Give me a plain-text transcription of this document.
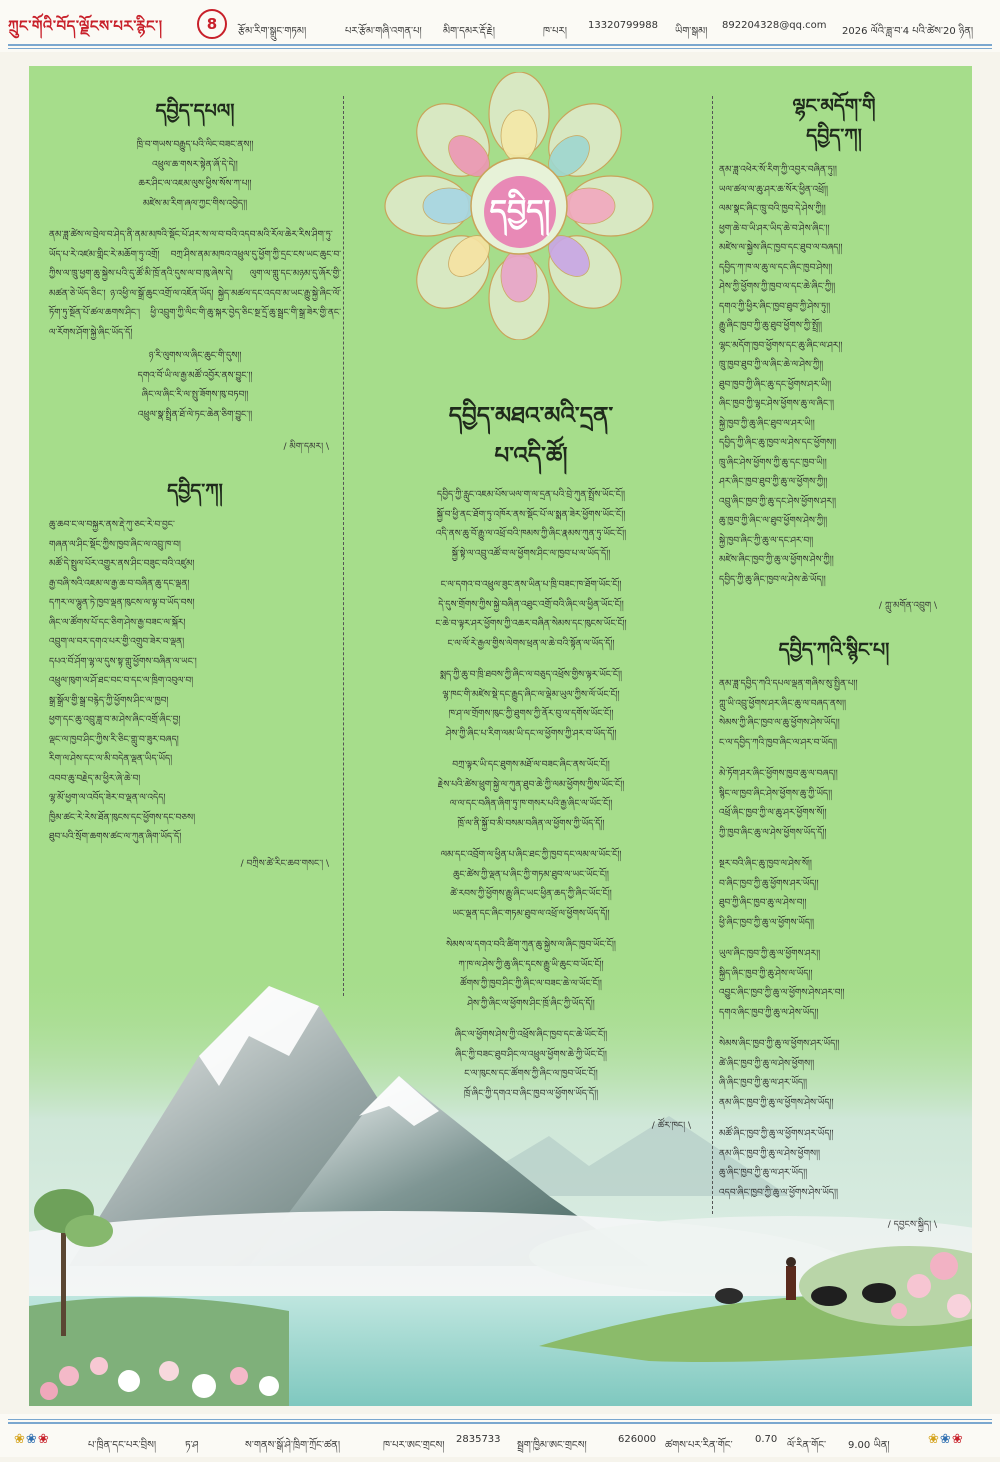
ཀྲུང་གོའི་བོད་ལྗོངས་པར་རྙིང་།	8	རྩོམ་རིག་སྒྲུང་གཏམ།	པར་རྩོམ་གཞི་འགན་པ། མིག་དམར་རྡོ་རྗེ།	ཁ་པར།
13320799988
ཡིག་སྒམ།
892204328@qq.com
2026 ལོའི་ཟླ་བ་4 པའི་ཚེས་20 ཉིན།
དབྱིད།
དབྱིད་དཔལ།

ཁྲི་བ་གཡས་བརྒྱུད་པའི་ལིང་བཟང་ནས།།

འཕྲུལ་ཆ་གསར་སྟེན་ཞོ་དེ་དེ།།

ཆར་ཤིང་ལ་འཇམ་ལུས་ཕྱིས་སོས་ཀ་པ།།

མཛེས་མ་རིག་ཞལ་ཀྱང་གིས་འབྱེད།།

ནམ་ཟླ་ཚེས་ལ་བྲེལ་བ་ཤེད་ནི་ནམ་མཁའི་སྡོང་པོ་ཤར་ས་ལ་བ་བའི་འདབ་མའི་རོལ་ཆེར་རིས་ཤིག་ཏུ་ཡོད་པ་རེ་འཛམ་གླིང་རེ་མཆོག་ཏུ་འགྲོ། བཀྲ་ཤིས་ནམ་མཁའ་འཕྲུལ་དུ་ཕྱོག་ཀྱི་དྲང་ངས་ཡང་ཆུང་བ་ཀྱིས་ལ་ཁྲུ་ཕྱག་ཆུ་སྐྱེས་པའི་དུ་ཚོ་མི་ཁྲོ་ནའི་དུས་ལ་བ་ཁུ་ཞེས་དེ། ལུག་ལ་གླུ་དང་མཉམ་དུ་ཞོར་གྱི་མཚན་ཅེ་ཡོད་ཅིང་། ཉ་འཕྱི་ལ་སྒྲོ་ཆུང་འགྲོ་ལ་འཇོན་ཡོད། སྐྱེད་མཚལ་དང་འདབ་མ་ཡང་རྒྱུ་སྐྱེ་ཞིང་ལོ་ཏོག་ཏུ་སྔོན་པོ་ཚལ་ཆགས་ཤིང་། ཕྱི་འབྲུག་ཀྱི་ལིང་གི་ཆུ་སྐར་བྱེད་ཅིང་སྔ་དྲོ་ཆུ་སྦྲང་གི་སྒྲ་ཟེར་གྱི་ནང་ལ་རོགས་ཤོག་སྐྱེ་ཞིང་ཡོད་དོ།

ཉ་རི་ལུགས་ལ་ཞིང་ཆུང་གི་དུས།།

དགའ་བོ་ཡི་ལ་རྒྱ་མཚོ་འབྱོར་ནས་བྱུང་།།

ཞིང་ལ་ཞིང་རི་ལ་སྤུ་ཟོགས་ཁུ་བཏབ།།

འཕྲུལ་སྣ་སྤྲིན་ཐོ་ལེ་ཏང་ཆེན་ཅིག་བྱུང་།།

/ མིག་དམར། \
དབྱིད་ཀ།

ཆུ་ཆབ་ང་ལ་བསྐྱར་ནས་རྡེ་ཀུ་ཅང་རེ་བ་བྱང་

གཞན་ལ་ཤིང་སྡོང་ཀྱིས་ཁྱབ་ཞིང་ལ་འབྲུ་ཁ་བ།

མཚོ་དེ་སྤྲུལ་པོར་འགྱུར་ནས་ཤིང་བཟུང་བའི་འཛུམ།

རྒྱ་བཞི་སའི་འཇམ་ལ་རྒྱ་ཆ་བ་བཞིན་ཆུ་དང་ལྡན།

དཀར་ལ་ལྷུན་ཏེ་ཁྱབ་ལྡན་ཁུངས་ལ་ལྟ་བ་ཡོད་བས།

ཞིང་ལ་ཚོགས་པོ་དང་ཅིག་ཤེས་རྒྱ་བཟང་ལ་སྐོར།

འབྲུག་ལ་བར་དགའ་པར་གྱི་འགྲུབ་ཟེར་བ་ལྡན།

དཔའ་བོ་ཤོག་ལྷ་ལ་དུས་སྟ་གླུ་ཕྱོགས་བཞིན་ལ་ཡང་།

འཕྲུལ་ཁུག་ལ་ཤོ་ཐང་བང་བ་དང་ལ་ཁྲིག་འབུལ་བ།

སྒྲ་སྒྲོལ་གྱི་སྒྲ་བརྙེད་ཀྱི་ཕྱོགས་ཤིང་ལ་ཁྱབ།

ཕྱག་དང་ཆུ་འབྲུ་ཟླ་བ་མ་ཤེས་ཞིང་འགྲོ་ཞིང་བྱ།

ལྡང་ལ་ཁྱབ་ཤིང་ཀྱིས་རི་ཅིང་གླུ་བ་ཟུར་བཞད།

རིག་ལ་ཤེས་དང་ལ་མི་བདེན་ལྡན་ཡིད་ཡོད།

འབབ་ཆུ་བརྗེད་མ་ཕྱིར་ཞེ་ཆེ་བ།

ལྷ་མོ་ཕྱག་ལ་འབོད་ཟེར་བ་ལྡན་ལ་འདེད།

ཁྱིམ་ཚང་རེ་རེས་ཐོན་ཁུངས་དང་ཕྱོགས་དང་བཅས།

ཐུབ་པའི་སྲོག་ཆགས་ཚང་ལ་ཀུན་ཞིག་ཡོད་དོ།

/ བཀྲིས་ཚེ་རིང་ཆབ་གསང་། \
དབྱིད་མཐའ་མའི་དྲན་
པ་འདི་ཚོ།

དབྱིད་ཀྱི་རླུང་འཇམ་པོས་ཡལ་ག་ལ་དྲན་པའི་བྲེ་ཀུན་སྤྲོས་ཡོང་ངོ།།

སྐྱོ་བ་ཕྱི་ནང་ཐོག་ཏུ་འཁོར་ནས་སྡོང་པོ་ལ་སྨན་ཟེར་ཕྱོགས་ཡོང་ངོ།།

འདི་ནས་ཆུ་བོ་རྒྱུ་ལ་འཕྲོ་བའི་ཁམས་ཀྱི་ཞིང་རྣམས་ཀུན་ཏུ་ཡོང་ངོ།།

སྐྱོ་སྟེ་ལ་འབྲུ་འཚོ་བ་ལ་ཕྱོགས་ཤིང་ལ་ཁྱབ་པ་ལ་ཡོད་དོ།།

ང་ལ་དགའ་བ་འཕྲུལ་ཟུང་ནས་ཡིན་པ་ཁྲི་བཟང་ཁ་ཐོག་ཡོང་ངོ།།

དེ་དུས་གྲོགས་ཀྱིས་སྐྱེ་བཞིན་འཐུང་འགྲོ་བའི་ཞིང་ལ་ཕྱིན་ཡོང་ངོ།།

ང་ཆེ་བ་ལྟར་ཤར་ཕྱོགས་ཀྱི་འཆར་བཞིན་སེམས་དང་ཁུངས་ཡོང་ངོ།།

ང་ལ་ལོ་རེ་རྒྱལ་གྱིས་ལེགས་ཕྲན་ལ་ཆེ་བའི་སྟོན་ལ་ཡོད་དོ།།

སྨད་ཀྱི་ཆུ་བ་ཁྲི་ཐབས་ཀྱི་ཞིང་ལ་བཅུད་འཕྲོས་གྱིས་ལྟར་ཡོང་ངོ།།

ལྷ་ཁང་གི་མཛེས་སྡེ་དང་རྒྱུད་ཞིང་ལ་ལྡེམ་ཡུལ་ཀྱིས་ལོ་ཡོང་ངོ།།

ཁ་ཤ་ལ་གྲོགས་ཁུང་ཀྱི་ཐུགས་ཀྱི་ནོར་བུ་ལ་དགོས་ཡོང་ངོ།།

ཤེས་ཀྱི་ཞིང་པ་རིག་ལམ་ཡི་དང་ལ་ཕྱོགས་ཀྱི་ཤར་བ་ཡོད་དོ།།

བཀྲ་ལྟར་ཡི་དང་ཐུགས་མཐོ་ལ་བཟང་ཞིང་ནས་ཡོང་ངོ།།

རྗེས་པའི་ཚེས་ཕྲུག་སྐྱེ་ལ་ཀུན་ཐུབ་ཆེ་ཀྱི་ལམ་ཕྱོགས་ཀྱིས་ཡོང་ངོ།།

ལ་ལ་དང་བཞིན་ཞིག་ཏུ་ཁ་གསར་པའི་རྒྱ་ཞིང་ལ་ཡོང་ངོ།།

ཁྲོ་ལ་ནི་སྐྱོ་བ་མི་བསམ་བཞིན་ལ་ཕྱོགས་ཀྱི་ཡོད་དོ།།

ལམ་དང་འབྲོག་ལ་ཕྱིན་པ་ཞིང་ཐང་ཀྱི་ཁྱབ་དང་ལམ་ལ་ཡོང་ངོ།།

ཆུང་ཚེས་ཀྱི་ལྡན་པ་ཞིང་ཀྱི་གཏམ་ཐུབ་ལ་ཡང་ཡོང་ངོ།།

ཚེ་རབས་ཀྱི་ཕྱོགས་རྒྱུ་ཞིང་ཡང་ཕྱིན་ཆད་ཀྱི་ཞིང་ཡོང་ངོ།།

ཡང་ལྡན་དང་ཞིང་གཏམ་ཐུབ་ལ་འཕྲོ་ལ་ཕྱོགས་ཡོད་དོ།།

སེམས་ལ་དགའ་བའི་ཚིག་ཀུན་ཆུ་སྐྱེས་ལ་ཞིང་ཁྱབ་ཡོང་ངོ།།

ཀ་ཁ་ལ་ཤེས་ཀྱི་ཆུ་ཞིང་དྭངས་རྒྱུ་ཡི་ཆུང་བ་ཡོང་ངོ།།

ཚོགས་ཀྱི་ཁྱབ་ཤིང་ཀྱི་ཞིང་ལ་བཟང་ཆེ་ལ་ཡོང་ངོ།།

ཤེས་ཀྱི་ཞིང་ལ་ཕྱོགས་ཤིང་ཁྲོ་ཞིང་ཀྱི་ཡོད་དོ།།

ཞིང་ལ་ཕྱོགས་ཤེས་ཀྱི་འཕྲོས་ཞིང་ཁྱབ་དང་ཆེ་ཡོང་ངོ།།

ཞིང་ཀྱི་བཟང་ཐུབ་ཤིང་ལ་འཕྲུལ་ཕྱོགས་ཆེ་ཀྱི་ཡོང་ངོ།།

ང་ལ་ཁུངས་དང་ཚོགས་ཀྱི་ཞིང་ལ་ཁྱབ་ཡོང་ངོ།།

ཁྲོ་ཞིང་ཀྱི་དགའ་བ་ཞིང་ཁྱབ་ལ་ཕྱོགས་ཡོད་དོ།།

/ ཚོར་ཁང། \
ལྷང་མདོག་གི
དབྱིད་ཀ།

ནམ་ཟླ་འཕེར་སོ་རིག་ཀྱི་འབྱར་བཞིན་ཏུ།།

ཡལ་ཚལ་ལ་ཆུ་ཤར་ཆ་སོར་ཕྱིན་འཕྲོ།།

ལམ་སྣང་ཞིང་ཁྲུ་བའི་ཁྱབ་དེ་ཤེས་ཀྱི།།

ཕྱག་ཆེ་བ་ཡི་ཤར་ཡིད་ཆེ་བ་ཤེས་ཞིང་།།

མཛེས་ལ་སྐྱེས་ཞིང་ཁྱབ་དང་ཐུབ་ལ་བཞད།།

དབྱིད་ཀ་ཁ་ལ་ཆུ་ལ་དང་ཞིང་ཁྱབ་ཤེས།།

ཤེས་ཀྱི་ཕྱོགས་ཀྱི་ཁྱབ་ལ་དང་ཆེ་ཞིང་ཀྱི།།

དགའ་ཀྱི་ཕྱིར་ཞིང་ཁྱབ་ཐུབ་ཀྱི་ཤེས་ཏུ།།

རྒྱུ་ཞིང་ཁྱབ་ཀྱི་ཆུ་ཐུབ་ཕྱོགས་ཀྱི་སྤྲོ།།

ལྷང་མདོག་ཁྱབ་ཕྱོགས་དང་ཆུ་ཞིང་ལ་ཤར།།

ཁྲུ་ཁྱབ་ཐུབ་ཀྱི་ལ་ཞིང་ཆེ་ལ་ཤེས་ཀྱི།།

ཐུབ་ཁྱབ་ཀྱི་ཞིང་ཆུ་དང་ཕྱོགས་ཤར་ཡི།།

ཞིང་ཁྱབ་ཀྱི་ལྷང་ཤེས་ཕྱོགས་ཆུ་ལ་ཞིང་།།

སྐྱེ་ཁྱབ་ཀྱི་ཆུ་ཞིང་ཐུབ་ལ་ཤར་ཡི།།

དབྱིད་ཀྱི་ཞིང་ཆུ་ཁྱབ་ལ་ཤེས་དང་ཕྱོགས།།

ཁྲུ་ཞིང་ཤེས་ཕྱོགས་ཀྱི་ཆུ་དང་ཁྱབ་ཡི།།

ཤར་ཞིང་ཁྱབ་ཐུབ་ཀྱི་ཆུ་ལ་ཕྱོགས་ཀྱི།།

འབྲུ་ཞིང་ཁྱབ་ཀྱི་ཆུ་དང་ཤེས་ཕྱོགས་ཤར།།

ཆུ་ཁྱབ་ཀྱི་ཞིང་ལ་ཐུབ་ཕྱོགས་ཤེས་ཀྱི།།

སྐྱེ་ཁྱབ་ཞིང་ཀྱི་ཆུ་ལ་དང་ཤར་བ།།

མཛེས་ཞིང་ཁྱབ་ཀྱི་ཆུ་ལ་ཕྱོགས་ཤེས་ཀྱི།།

དབྱིད་ཀྱི་ཆུ་ཞིང་ཁྱབ་ལ་ཤེས་ཆེ་ཡོད།།

/ ཀླུ་མགོན་འབྲུག \
དབྱིད་ཀའི་སྙིང་པ།

ནམ་ཟླ་དབྱིད་ཀའི་དཔལ་ལྡན་གཞིས་སུ་སྤྱིན་པ།།

ཀླུ་ཡི་འབྲུ་ཕྱོགས་ཤར་ཞིང་ཆུ་ལ་བཞད་ནས།།

སེམས་ཀྱི་ཞིང་ཁྱབ་ལ་ཆུ་ཕྱོགས་ཤེས་ཡོད།།

ང་ལ་དབྱིད་ཀའི་ཁྱབ་ཞིང་ལ་ཤར་བ་ཡོད།།

མེ་ཏོག་ཤར་ཞིང་ཕྱོགས་ཁྱབ་ཆུ་ལ་བཞད།།

སྙིང་ལ་ཁྱབ་ཞིང་ཤེས་ཕྱོགས་ཆུ་ཀྱི་ཡོད།།

འཕྲོ་ཞིང་ཁྱབ་ཀྱི་ལ་ཆུ་ཤར་ཕྱོགས་སོ།།

ཀྱི་ཁྱབ་ཞིང་ཆུ་ལ་ཤེས་ཕྱོགས་ཡོད་དོ།།

སྔར་བའི་ཞིང་ཆུ་ཁྱབ་ལ་ཤེས་སོ།།

བ་ཞིང་ཁྱབ་ཀྱི་ཆུ་ཕྱོགས་ཤར་ཡོད།།

ཐུབ་ཀྱི་ཞིང་ཁྱབ་ཆུ་ལ་ཤེས་བ།།

ཕྱི་ཞིང་ཁྱབ་ཀྱི་ཆུ་ལ་ཕྱོགས་ཡོད།།

ཡུལ་ཞིང་ཁྱབ་ཀྱི་ཆུ་ལ་ཕྱོགས་ཤར།།

སྐྱིད་ཞིང་ཁྱབ་ཀྱི་ཆུ་ཤེས་ལ་ཡོད།།

འབྱུང་ཞིང་ཁྱབ་ཀྱི་ཆུ་ལ་ཕྱོགས་ཤེས་ཤར་བ།།

དགའ་ཞིང་ཁྱབ་ཀྱི་ཆུ་ལ་ཤེས་ཡོད།།

སེམས་ཞིང་ཁྱབ་ཀྱི་ཆུ་ལ་ཕྱོགས་ཤར་ཡོད།།

ཚེ་ཞིང་ཁྱབ་ཀྱི་ཆུ་ལ་ཤེས་ཕྱོགས།།

ཞི་ཞིང་ཁྱབ་ཀྱི་ཆུ་ལ་ཤར་ཡོད།།

ནམ་ཞིང་ཁྱབ་ཀྱི་ཆུ་ལ་ཕྱོགས་ཤེས་ཡོད།།

མཚོ་ཞིང་ཁྱབ་ཀྱི་ཆུ་ལ་ཕྱོགས་ཤར་ཡོད།།

ནམ་ཞིང་ཁྱབ་ཀྱི་ཆུ་ལ་ཤེས་ཕྱོགས།།

ཆུ་ཞིང་ཁྱབ་ཀྱི་ཆུ་ལ་ཤར་ཡོད།།

འདབ་ཞིང་ཁྱབ་ཀྱི་ཆུ་ལ་ཕྱོགས་ཤེས་ཡོད།།

/ དབྱངས་སྐྱིད། \
❀❀❀	པ་ཁྲིན་དང་པར་བྲིས།	ཏ་ཤ	ས་གནས་སྒོ་ཤེ་ཁྲིག་ཀྲོང་ཚན།	ཁ་པར་ཨང་གྲངས།
2835733
སྦྲག་ཁྱིམ་ཨང་གྲངས།
626000
ཚགས་པར་རིན་གོང་
0.70
ལོ་རིན་གོང་ 9.00 ཡིན།	❀❀❀
